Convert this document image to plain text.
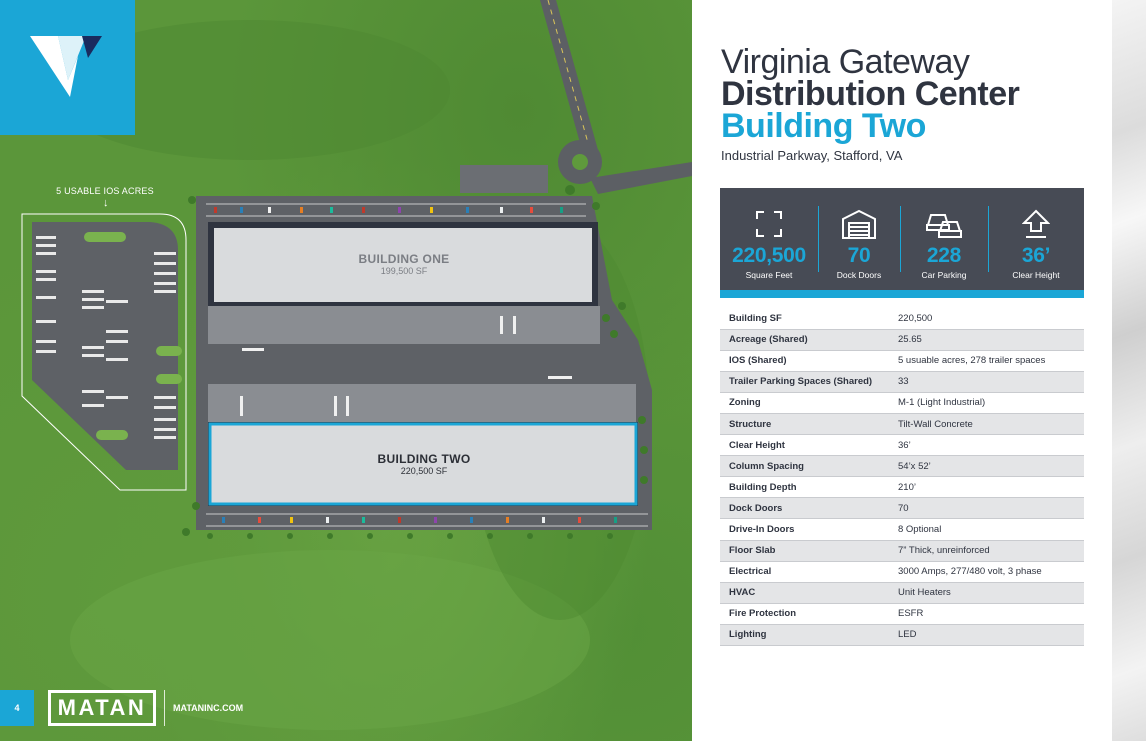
5 USABLE IOS ACRES
↓
BUILDING ONE
199,500 SF
BUILDING TWO
220,500 SF
4	MATAN	MATANINC.COM
Virginia Gateway
Distribution Center
Building Two
Industrial Parkway, Stafford, VA
220,500
Square Feet
70
Dock Doors
228
Car Parking
36’
Clear Height
Building SF	220,500
Acreage (Shared)	25.65
IOS (Shared)	5 usuable acres, 278 trailer spaces
Trailer Parking Spaces (Shared)	33
Zoning	M-1 (Light Industrial)
Structure	Tilt-Wall Concrete
Clear Height	36’
Column Spacing	54’x 52’
Building Depth	210’
Dock Doors	70
Drive-In Doors	8 Optional
Floor Slab	7” Thick, unreinforced
Electrical	3000 Amps, 277/480 volt, 3 phase
HVAC	Unit Heaters
Fire Protection	ESFR
Lighting	LED
